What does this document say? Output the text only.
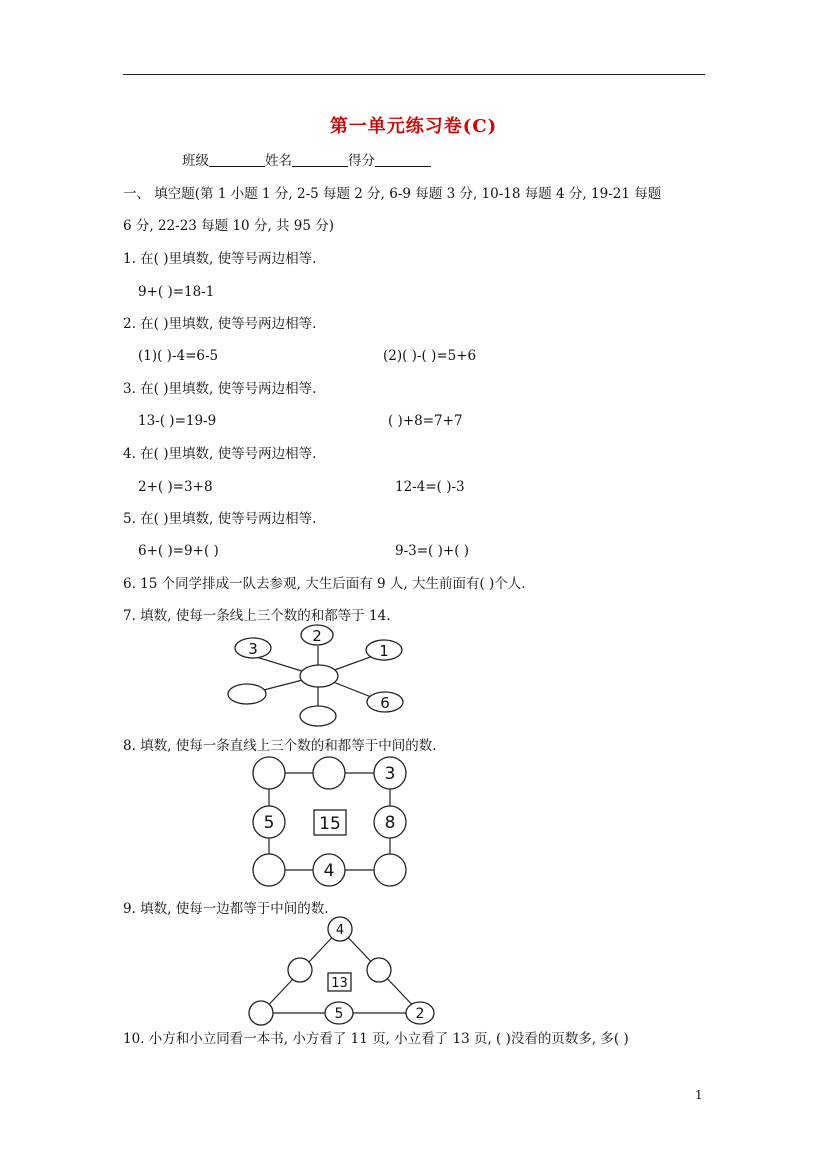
第一单元练习卷(C)
班级	姓名	得分
一、 填空题(第 1 小题 1 分, 2-5 每题 2 分, 6-9 每题 3 分, 10-18 每题 4 分, 19-21 每题
6 分, 22-23 每题 10 分, 共 95 分)
1. 在( )里填数, 使等号两边相等.
9+( )=18-1
2. 在( )里填数, 使等号两边相等.
(1)( )-4=6-5	(2)( )-( )=5+6
3. 在( )里填数, 使等号两边相等.
13-( )=19-9	( )+8=7+7
4. 在( )里填数, 使等号两边相等.
2+( )=3+8	12-4=( )-3
5. 在( )里填数, 使等号两边相等.
6+( )=9+( )	9-3=( )+( )
6. 15 个同学排成一队去参观, 大生后面有 9 人, 大生前面有( )个人.
7. 填数, 使每一条线上三个数的和都等于 14.
2
3	1
6
8. 填数, 使每一条直线上三个数的和都等于中间的数.
3
5	8
4
15
9. 填数, 使每一边都等于中间的数.
4
5	2
13
10. 小方和小立同看一本书, 小方看了 11 页, 小立看了 13 页, ( )没看的页数多, 多( )
1
